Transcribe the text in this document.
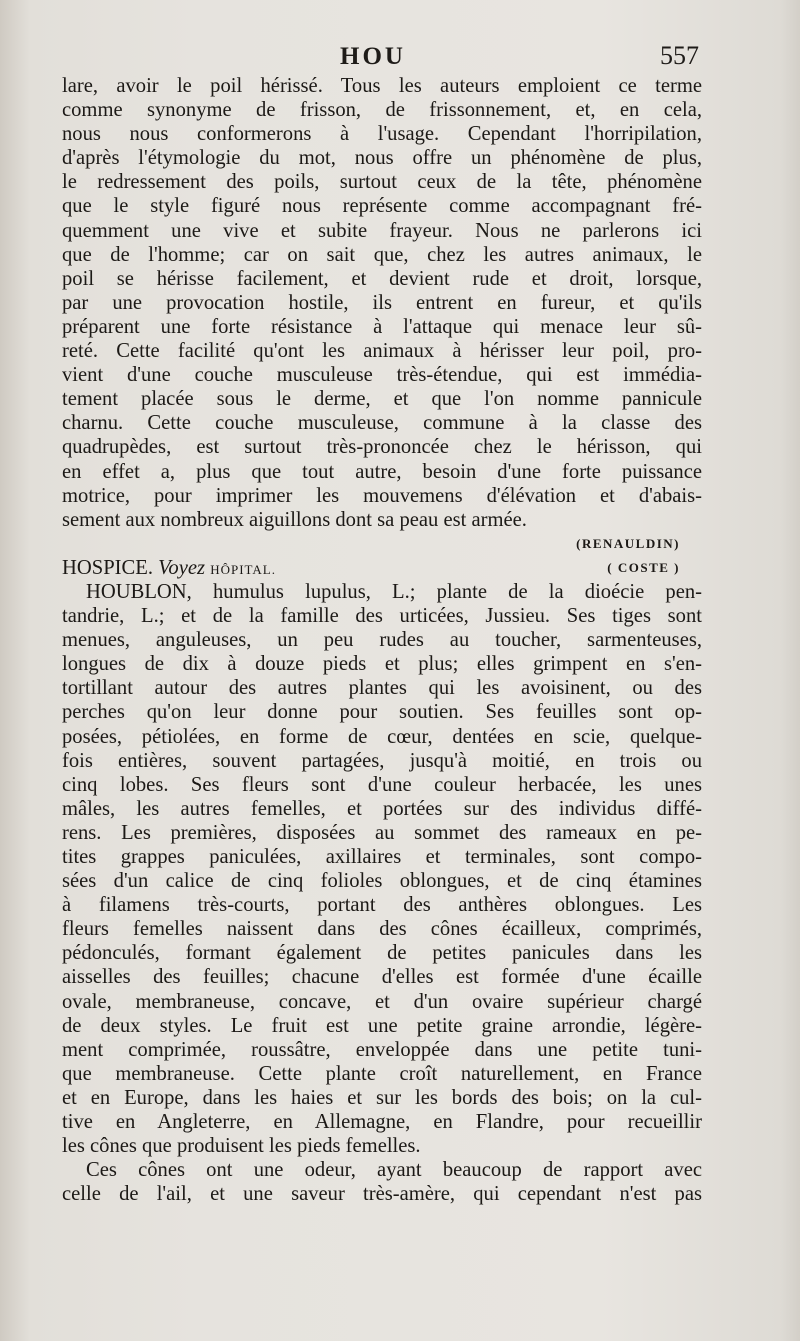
HOU	557
lare, avoir le poil hérissé. Tous les auteurs emploient ce terme
comme synonyme de frisson, de frissonnement, et, en cela,
nous nous conformerons à l'usage. Cependant l'horripilation,
d'après l'étymologie du mot, nous offre un phénomène de plus,
le redressement des poils, surtout ceux de la tête, phénomène
que le style figuré nous représente comme accompagnant fré-
quemment une vive et subite frayeur. Nous ne parlerons ici
que de l'homme; car on sait que, chez les autres animaux, le
poil se hérisse facilement, et devient rude et droit, lorsque,
par une provocation hostile, ils entrent en fureur, et qu'ils
préparent une forte résistance à l'attaque qui menace leur sû-
reté. Cette facilité qu'ont les animaux à hérisser leur poil, pro-
vient d'une couche musculeuse très-étendue, qui est immédia-
tement placée sous le derme, et que l'on nomme pannicule
charnu. Cette couche musculeuse, commune à la classe des
quadrupèdes, est surtout très-prononcée chez le hérisson, qui
en effet a, plus que tout autre, besoin d'une forte puissance
motrice, pour imprimer les mouvemens d'élévation et d'abais-
sement aux nombreux aiguillons dont sa peau est armée.
(RENAULDIN)
HOSPICE. Voyez HÔPITAL.	( COSTE )
HOUBLON, humulus lupulus, L.; plante de la dioécie pen-
tandrie, L.; et de la famille des urticées, Jussieu. Ses tiges sont
menues, anguleuses, un peu rudes au toucher, sarmenteuses,
longues de dix à douze pieds et plus; elles grimpent en s'en-
tortillant autour des autres plantes qui les avoisinent, ou des
perches qu'on leur donne pour soutien. Ses feuilles sont op-
posées, pétiolées, en forme de cœur, dentées en scie, quelque-
fois entières, souvent partagées, jusqu'à moitié, en trois ou
cinq lobes. Ses fleurs sont d'une couleur herbacée, les unes
mâles, les autres femelles, et portées sur des individus diffé-
rens. Les premières, disposées au sommet des rameaux en pe-
tites grappes paniculées, axillaires et terminales, sont compo-
sées d'un calice de cinq folioles oblongues, et de cinq étamines
à filamens très-courts, portant des anthères oblongues. Les
fleurs femelles naissent dans des cônes écailleux, comprimés,
pédonculés, formant également de petites panicules dans les
aisselles des feuilles; chacune d'elles est formée d'une écaille
ovale, membraneuse, concave, et d'un ovaire supérieur chargé
de deux styles. Le fruit est une petite graine arrondie, légère-
ment comprimée, roussâtre, enveloppée dans une petite tuni-
que membraneuse. Cette plante croît naturellement, en France
et en Europe, dans les haies et sur les bords des bois; on la cul-
tive en Angleterre, en Allemagne, en Flandre, pour recueillir
les cônes que produisent les pieds femelles.
Ces cônes ont une odeur, ayant beaucoup de rapport avec
celle de l'ail, et une saveur très-amère, qui cependant n'est pas
